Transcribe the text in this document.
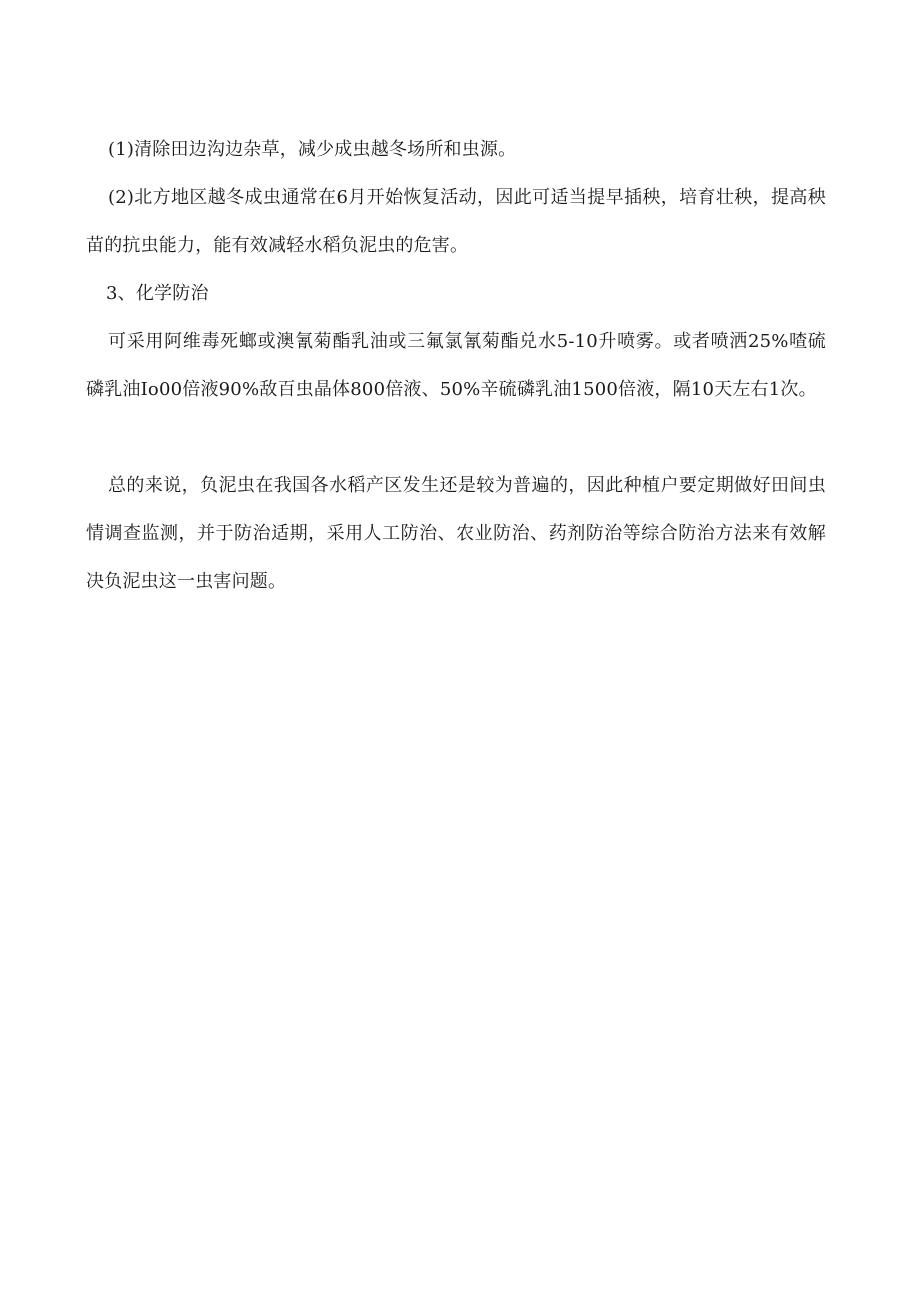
(1)清除田边沟边杂草，减少成虫越冬场所和虫源。

(2)北方地区越冬成虫通常在6月开始恢复活动，因此可适当提早插秧，培育壮秧，提高秧苗的抗虫能力，能有效减轻水稻负泥虫的危害。

3、化学防治

可采用阿维毒死螂或澳氰菊酯乳油或三氟氯氰菊酯兑水5-10升喷雾。或者喷洒25%喳硫磷乳油Io00倍液90%敌百虫晶体800倍液、50%辛硫磷乳油1500倍液，隔10天左右1次。

总的来说，负泥虫在我国各水稻产区发生还是较为普遍的，因此种植户要定期做好田间虫情调查监测，并于防治适期，采用人工防治、农业防治、药剂防治等综合防治方法来有效解决负泥虫这一虫害问题。
